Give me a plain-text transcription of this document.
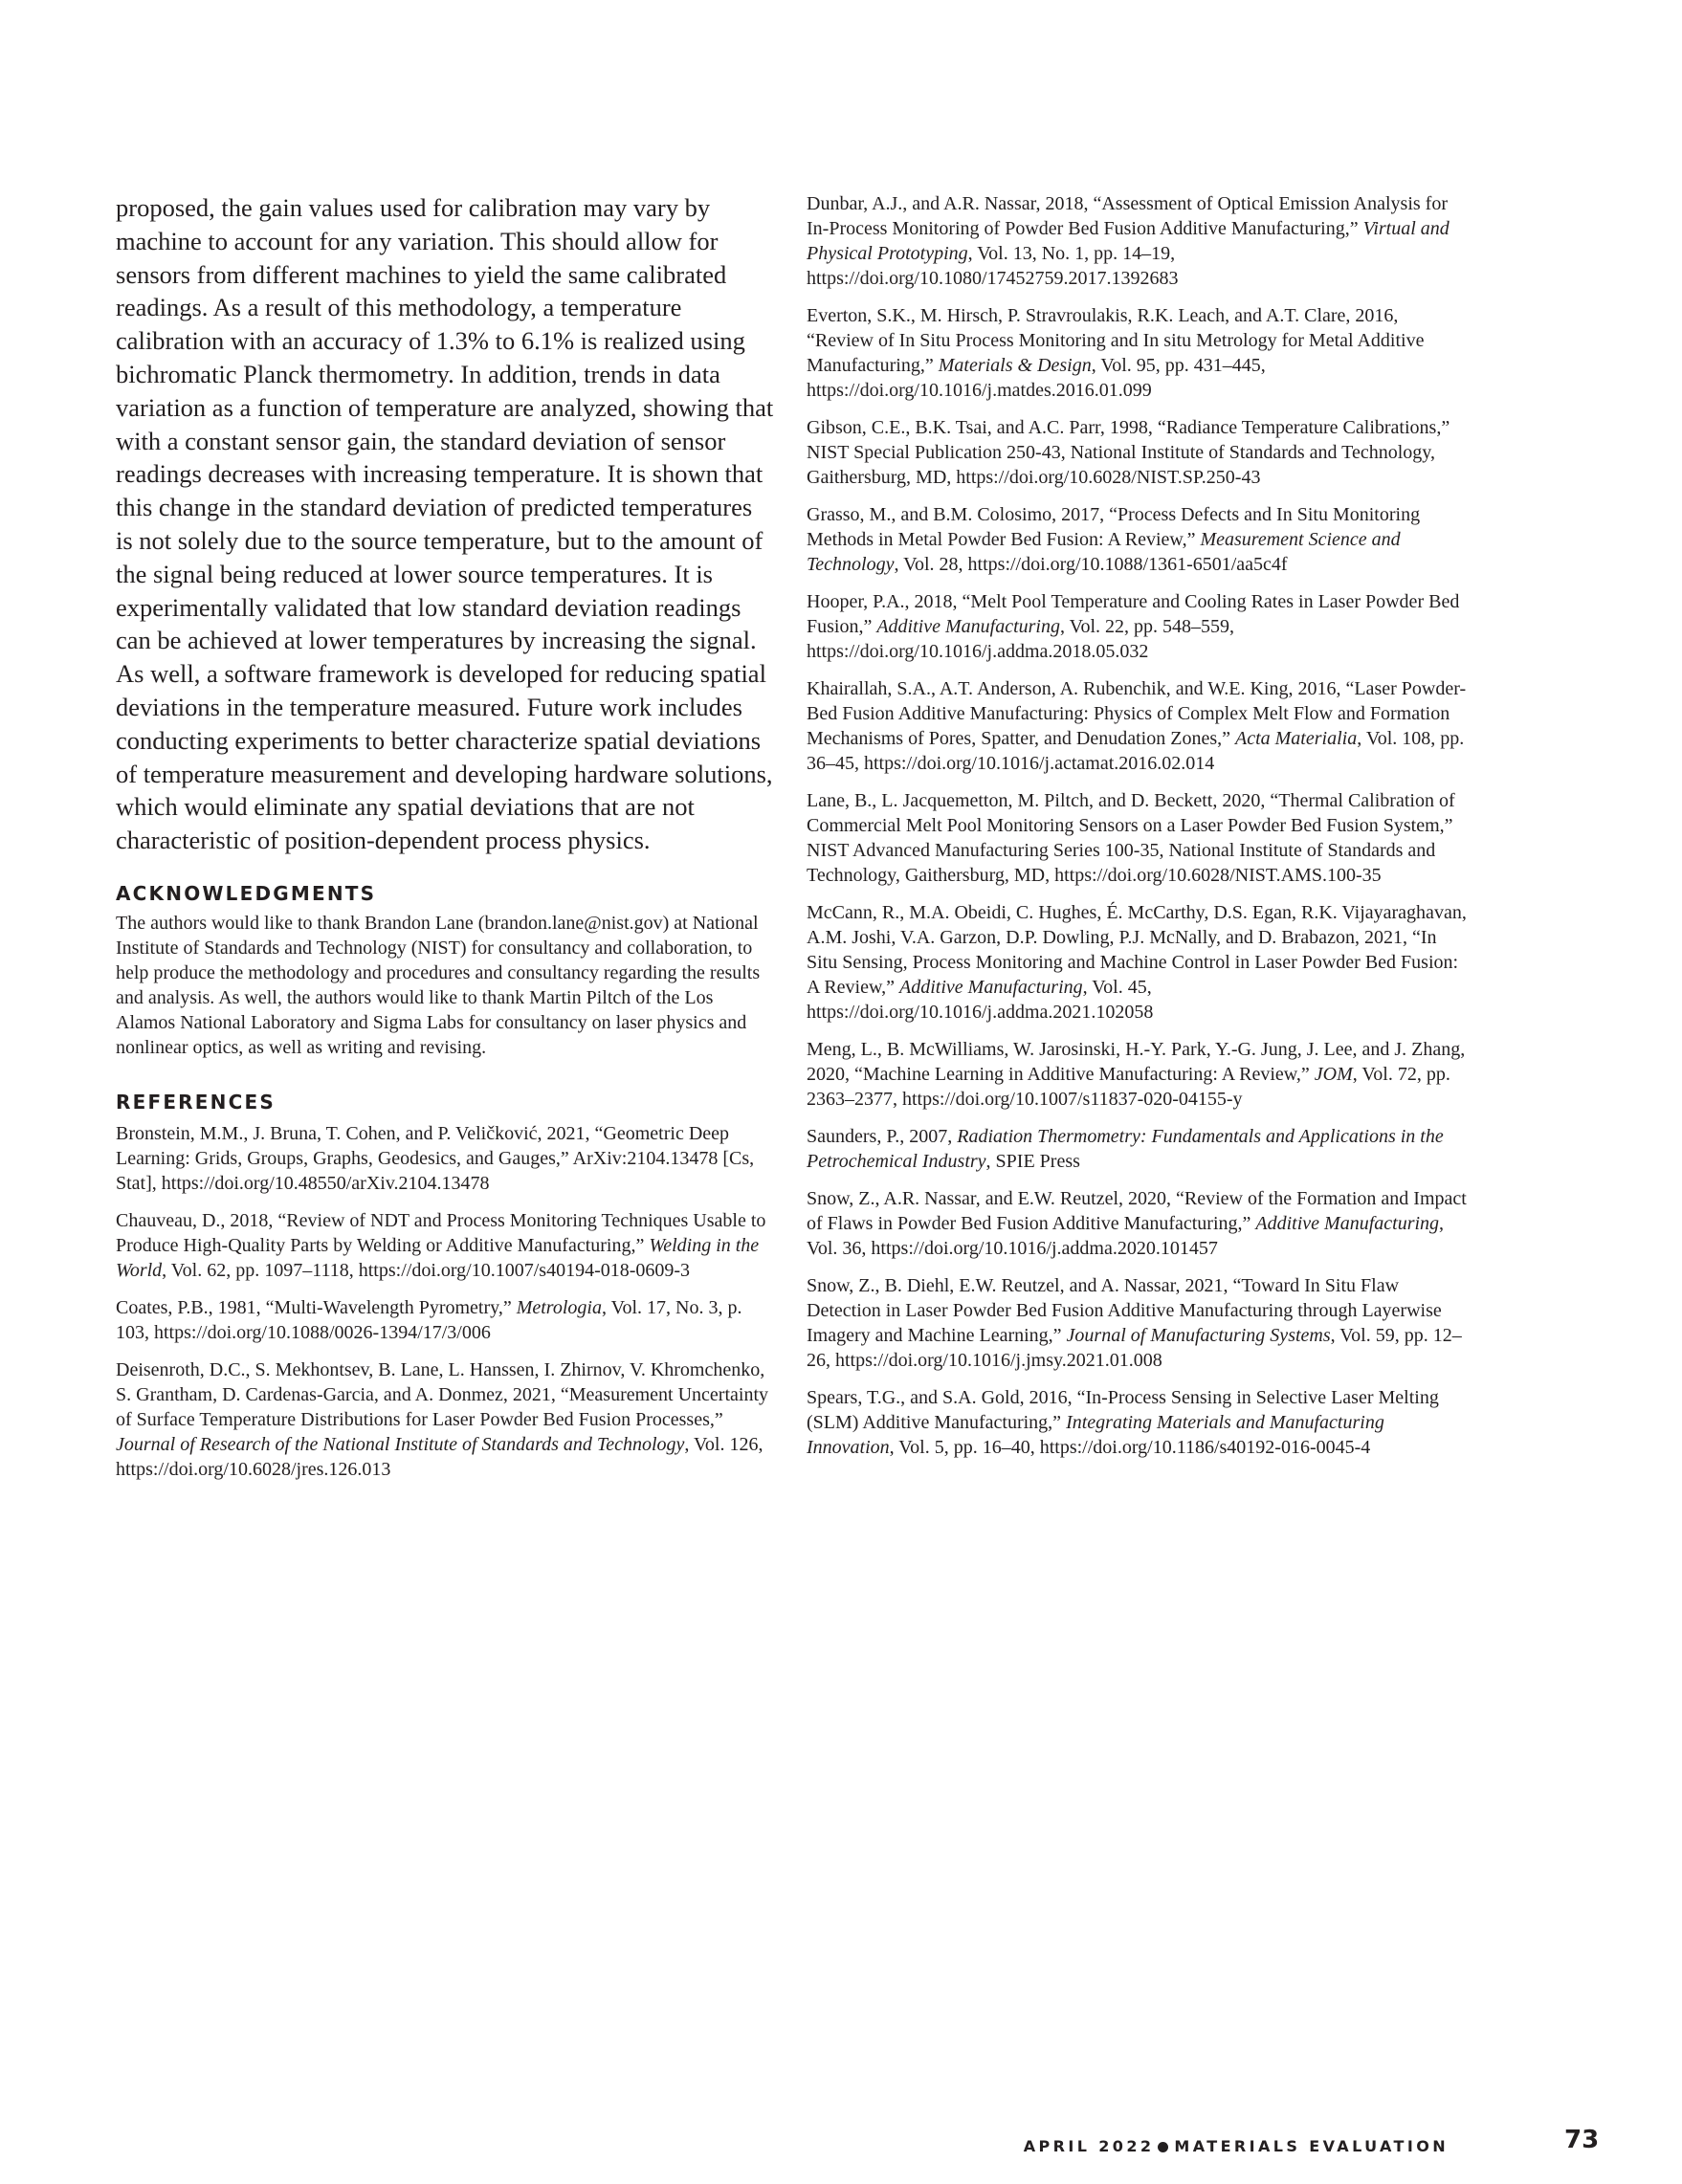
proposed, the gain values used for calibration may vary by machine to account for any variation. This should allow for sensors from different machines to yield the same calibrated readings. As a result of this methodology, a temperature calibration with an accuracy of 1.3% to 6.1% is realized using bichromatic Planck thermometry. In addition, trends in data variation as a function of temperature are analyzed, showing that with a constant sensor gain, the standard deviation of sensor readings decreases with increasing temperature. It is shown that this change in the standard deviation of predicted temperatures is not solely due to the source temperature, but to the amount of the signal being reduced at lower source temperatures. It is experimentally validated that low standard deviation readings can be achieved at lower temperatures by increasing the signal. As well, a software framework is developed for reducing spatial deviations in the temperature measured. Future work includes conducting experiments to better characterize spatial deviations of temperature measurement and developing hardware solutions, which would eliminate any spatial deviations that are not characteristic of position-dependent process physics.

ACKNOWLEDGMENTS

The authors would like to thank Brandon Lane (brandon.lane@nist.gov) at National Institute of Standards and Technology (NIST) for consultancy and collaboration, to help produce the methodology and procedures and consultancy regarding the results and analysis. As well, the authors would like to thank Martin Piltch of the Los Alamos National Laboratory and Sigma Labs for consultancy on laser physics and nonlinear optics, as well as writing and revising.

REFERENCES

Bronstein, M.M., J. Bruna, T. Cohen, and P. Veličković, 2021, “Geometric Deep Learning: Grids, Groups, Graphs, Geodesics, and Gauges,” ArXiv:2104.13478 [Cs, Stat], https://doi.org/10.48550/arXiv.2104.13478

Chauveau, D., 2018, “Review of NDT and Process Monitoring Techniques Usable to Produce High-Quality Parts by Welding or Additive Manufacturing,” Welding in the World, Vol. 62, pp. 1097–1118, https://doi.org/10.1007/s40194-018-0609-3

Coates, P.B., 1981, “Multi-Wavelength Pyrometry,” Metrologia, Vol. 17, No. 3, p. 103, https://doi.org/10.1088/0026-1394/17/3/006

Deisenroth, D.C., S. Mekhontsev, B. Lane, L. Hanssen, I. Zhirnov, V. Khromchenko, S. Grantham, D. Cardenas-Garcia, and A. Donmez, 2021, “Measurement Uncertainty of Surface Temperature Distributions for Laser Powder Bed Fusion Processes,” Journal of Research of the National Institute of Standards and Technology, Vol. 126, https://doi.org/10.6028/jres.126.013

Dunbar, A.J., and A.R. Nassar, 2018, “Assessment of Optical Emission Analysis for In-Process Monitoring of Powder Bed Fusion Additive Manufacturing,” Virtual and Physical Prototyping, Vol. 13, No. 1, pp. 14–19, https://doi.org/10.1080/17452759.2017.1392683

Everton, S.K., M. Hirsch, P. Stravroulakis, R.K. Leach, and A.T. Clare, 2016, “Review of In Situ Process Monitoring and In situ Metrology for Metal Additive Manufacturing,” Materials & Design, Vol. 95, pp. 431–445, https://doi.org/10.1016/j.matdes.2016.01.099

Gibson, C.E., B.K. Tsai, and A.C. Parr, 1998, “Radiance Temperature Calibrations,” NIST Special Publication 250-43, National Institute of Standards and Technology, Gaithersburg, MD, https://doi.org/10.6028/NIST.SP.250-43

Grasso, M., and B.M. Colosimo, 2017, “Process Defects and In Situ Monitoring Methods in Metal Powder Bed Fusion: A Review,” Measurement Science and Technology, Vol. 28, https://doi.org/10.1088/1361-6501/aa5c4f

Hooper, P.A., 2018, “Melt Pool Temperature and Cooling Rates in Laser Powder Bed Fusion,” Additive Manufacturing, Vol. 22, pp. 548–559, https://doi.org/10.1016/j.addma.2018.05.032

Khairallah, S.A., A.T. Anderson, A. Rubenchik, and W.E. King, 2016, “Laser Powder-Bed Fusion Additive Manufacturing: Physics of Complex Melt Flow and Formation Mechanisms of Pores, Spatter, and Denudation Zones,” Acta Materialia, Vol. 108, pp. 36–45, https://doi.org/10.1016/j.actamat.2016.02.014

Lane, B., L. Jacquemetton, M. Piltch, and D. Beckett, 2020, “Thermal Calibration of Commercial Melt Pool Monitoring Sensors on a Laser Powder Bed Fusion System,” NIST Advanced Manufacturing Series 100-35, National Institute of Standards and Technology, Gaithersburg, MD, https://doi.org/10.6028/NIST.AMS.100-35

McCann, R., M.A. Obeidi, C. Hughes, É. McCarthy, D.S. Egan, R.K. Vijayaraghavan, A.M. Joshi, V.A. Garzon, D.P. Dowling, P.J. McNally, and D. Brabazon, 2021, “In Situ Sensing, Process Monitoring and Machine Control in Laser Powder Bed Fusion: A Review,” Additive Manufacturing, Vol. 45, https://doi.org/10.1016/j.addma.2021.102058

Meng, L., B. McWilliams, W. Jarosinski, H.-Y. Park, Y.-G. Jung, J. Lee, and J. Zhang, 2020, “Machine Learning in Additive Manufacturing: A Review,” JOM, Vol. 72, pp. 2363–2377, https://doi.org/10.1007/s11837-020-04155-y

Saunders, P., 2007, Radiation Thermometry: Fundamentals and Applications in the Petrochemical Industry, SPIE Press

Snow, Z., A.R. Nassar, and E.W. Reutzel, 2020, “Review of the Formation and Impact of Flaws in Powder Bed Fusion Additive Manufacturing,” Additive Manufacturing, Vol. 36, https://doi.org/10.1016/j.addma.2020.101457

Snow, Z., B. Diehl, E.W. Reutzel, and A. Nassar, 2021, “Toward In Situ Flaw Detection in Laser Powder Bed Fusion Additive Manufacturing through Layerwise Imagery and Machine Learning,” Journal of Manufacturing Systems, Vol. 59, pp. 12–26, https://doi.org/10.1016/j.jmsy.2021.01.008

Spears, T.G., and S.A. Gold, 2016, “In-Process Sensing in Selective Laser Melting (SLM) Additive Manufacturing,” Integrating Materials and Manufacturing Innovation, Vol. 5, pp. 16–40, https://doi.org/10.1186/s40192-016-0045-4

APRIL 2022 MATERIALS EVALUATION	73
